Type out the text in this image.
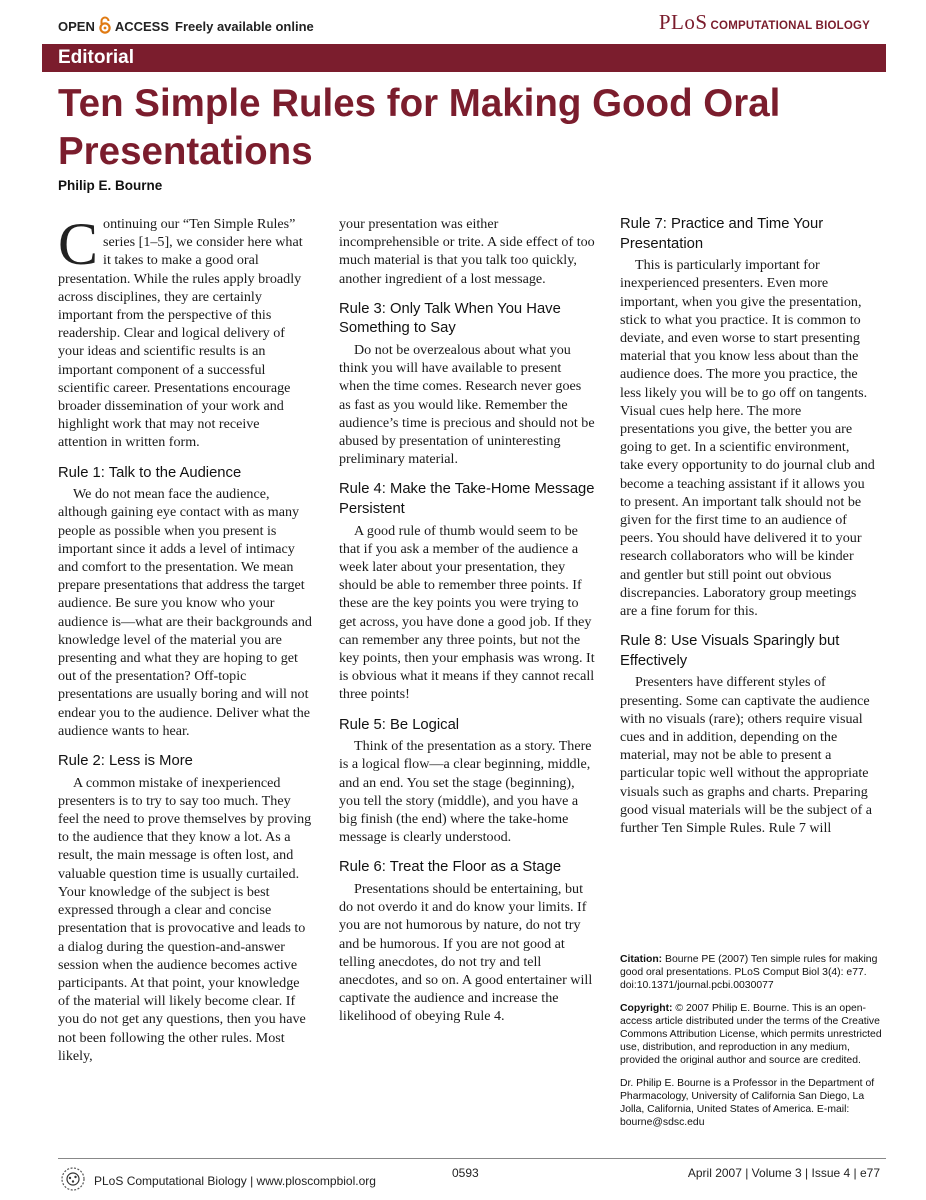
OPEN ACCESS Freely available online	PLoS COMPUTATIONAL BIOLOGY
Editorial
Ten Simple Rules for Making Good Oral Presentations
Philip E. Bourne

Continuing our “Ten Simple Rules” series [1–5], we consider here what it takes to make a good oral presentation. While the rules apply broadly across disciplines, they are certainly important from the perspective of this readership. Clear and logical delivery of your ideas and scientific results is an important component of a successful scientific career. Presentations encourage broader dissemination of your work and highlight work that may not receive attention in written form.

Rule 1: Talk to the Audience

We do not mean face the audience, although gaining eye contact with as many people as possible when you present is important since it adds a level of intimacy and comfort to the presentation. We mean prepare presentations that address the target audience. Be sure you know who your audience is—what are their backgrounds and knowledge level of the material you are presenting and what they are hoping to get out of the presentation? Off-topic presentations are usually boring and will not endear you to the audience. Deliver what the audience wants to hear.

Rule 2: Less is More

A common mistake of inexperienced presenters is to try to say too much. They feel the need to prove themselves by proving to the audience that they know a lot. As a result, the main message is often lost, and valuable question time is usually curtailed. Your knowledge of the subject is best expressed through a clear and concise presentation that is provocative and leads to a dialog during the question-and-answer session when the audience becomes active participants. At that point, your knowledge of the material will likely become clear. If you do not get any questions, then you have not been following the other rules. Most likely,

your presentation was either incomprehensible or trite. A side effect of too much material is that you talk too quickly, another ingredient of a lost message.

Rule 3: Only Talk When You Have Something to Say

Do not be overzealous about what you think you will have available to present when the time comes. Research never goes as fast as you would like. Remember the audience’s time is precious and should not be abused by presentation of uninteresting preliminary material.

Rule 4: Make the Take-Home Message Persistent

A good rule of thumb would seem to be that if you ask a member of the audience a week later about your presentation, they should be able to remember three points. If these are the key points you were trying to get across, you have done a good job. If they can remember any three points, but not the key points, then your emphasis was wrong. It is obvious what it means if they cannot recall three points!

Rule 5: Be Logical

Think of the presentation as a story. There is a logical flow—a clear beginning, middle, and an end. You set the stage (beginning), you tell the story (middle), and you have a big finish (the end) where the take-home message is clearly understood.

Rule 6: Treat the Floor as a Stage

Presentations should be entertaining, but do not overdo it and do know your limits. If you are not humorous by nature, do not try and be humorous. If you are not good at telling anecdotes, do not try and tell anecdotes, and so on. A good entertainer will captivate the audience and increase the likelihood of obeying Rule 4.

Rule 7: Practice and Time Your Presentation

This is particularly important for inexperienced presenters. Even more important, when you give the presentation, stick to what you practice. It is common to deviate, and even worse to start presenting material that you know less about than the audience does. The more you practice, the less likely you will be to go off on tangents. Visual cues help here. The more presentations you give, the better you are going to get. In a scientific environment, take every opportunity to do journal club and become a teaching assistant if it allows you to present. An important talk should not be given for the first time to an audience of peers. You should have delivered it to your research collaborators who will be kinder and gentler but still point out obvious discrepancies. Laboratory group meetings are a fine forum for this.

Rule 8: Use Visuals Sparingly but Effectively

Presenters have different styles of presenting. Some can captivate the audience with no visuals (rare); others require visual cues and in addition, depending on the material, may not be able to present a particular topic well without the appropriate visuals such as graphs and charts. Preparing good visual materials will be the subject of a further Ten Simple Rules. Rule 7 will

Citation: Bourne PE (2007) Ten simple rules for making good oral presentations. PLoS Comput Biol 3(4): e77. doi:10.1371/journal.pcbi.0030077

Copyright: © 2007 Philip E. Bourne. This is an open-access article distributed under the terms of the Creative Commons Attribution License, which permits unrestricted use, distribution, and reproduction in any medium, provided the original author and source are credited.

Dr. Philip E. Bourne is a Professor in the Department of Pharmacology, University of California San Diego, La Jolla, California, United States of America. E-mail: bourne@sdsc.edu

PLoS Computational Biology | www.ploscompbiol.org
0593	April 2007 | Volume 3 | Issue 4 | e77
